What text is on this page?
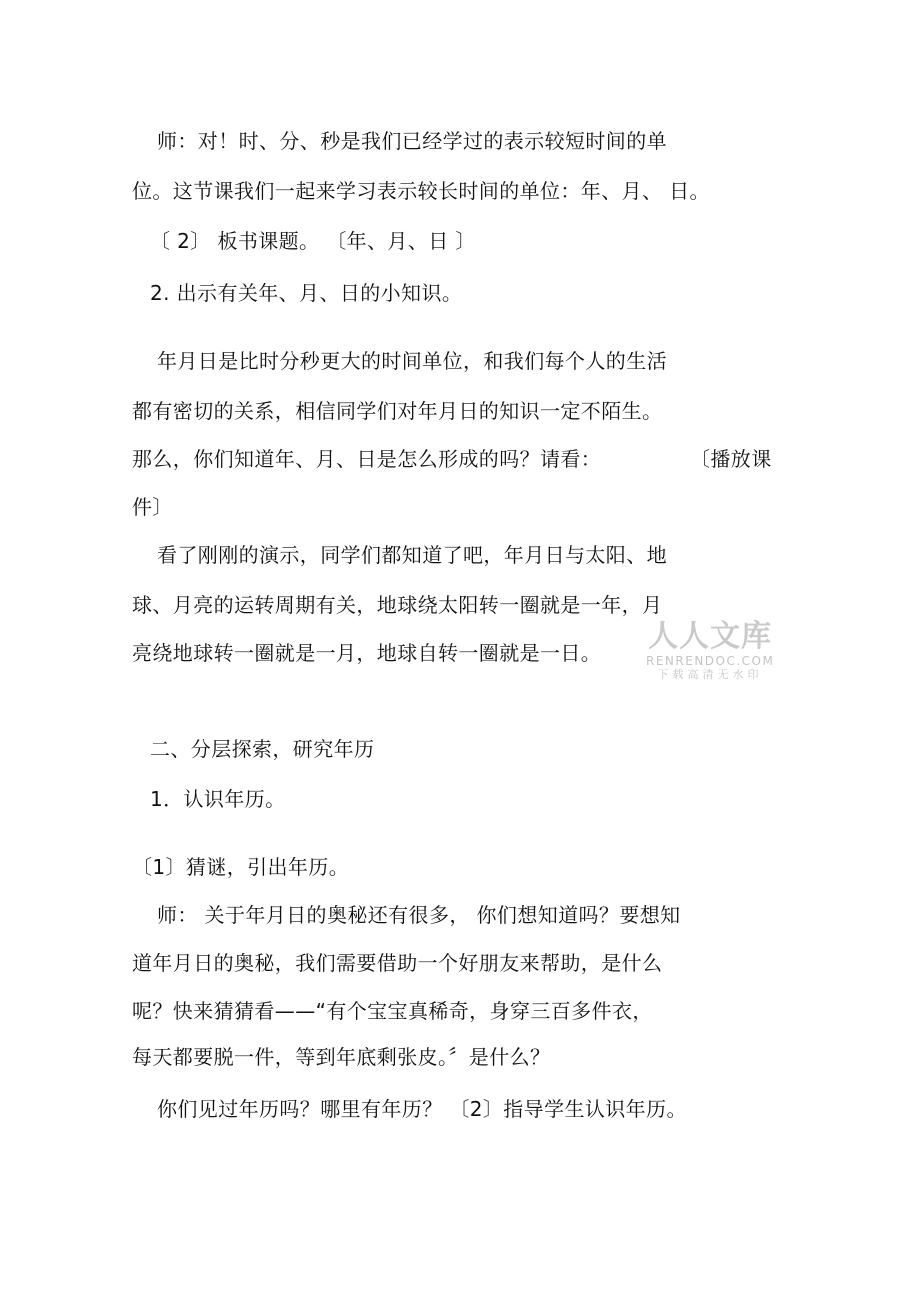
师：对！时、分、秒是我们已经学过的表示较短时间的单
位。这节课我们一起来学习表示较长时间的单位：年、月、 日。
〔 2〕 板书课题。 〔年、月、日 〕
2. 出示有关年、月、日的小知识。
年月日是比时分秒更大的时间单位，和我们每个人的生活
都有密切的关系，相信同学们对年月日的知识一定不陌生。
那么，你们知道年、月、日是怎么形成的吗？请看：	〔播放课
件〕
看了刚刚的演示，同学们都知道了吧，年月日与太阳、地
球、月亮的运转周期有关，地球绕太阳转一圈就是一年，月
亮绕地球转一圈就是一月，地球自转一圈就是一日。
二、分层探索，研究年历
1．认识年历。
〔1〕猜谜，引出年历。
师： 关于年月日的奥秘还有很多， 你们想知道吗？要想知
道年月日的奥秘，我们需要借助一个好朋友来帮助，是什么
呢？快来猜猜看——“有个宝宝真稀奇，身穿三百多件衣，
每天都要脱一件，等到年底剩张皮。〞是什么？
你们见过年历吗？哪里有年历？ 〔2〕指导学生认识年历。
人人文库
RENRENDOC.COM
下载高清无水印
